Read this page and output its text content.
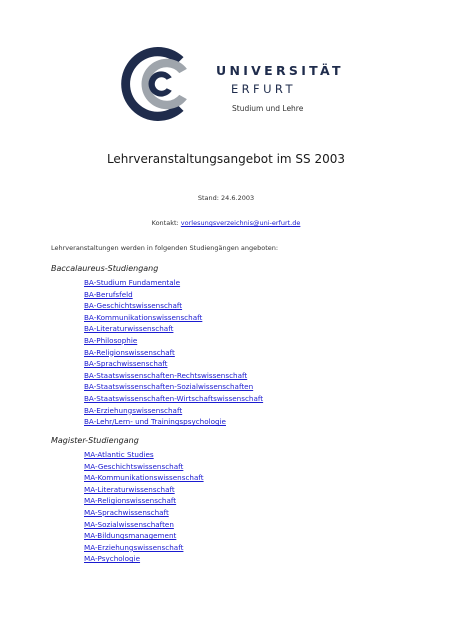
UNIVERSITÄT
ERFURT
Studium und Lehre
Lehrveranstaltungsangebot im SS 2003
Stand: 24.6.2003
Kontakt: vorlesungsverzeichnis@uni-erfurt.de
Lehrveranstaltungen werden in folgenden Studiengängen angeboten:
Baccalaureus-Studiengang
BA-Studium Fundamentale
BA-Berufsfeld
BA-Geschichtswissenschaft
BA-Kommunikationswissenschaft
BA-Literaturwissenschaft
BA-Philosophie
BA-Religionswissenschaft
BA-Sprachwissenschaft
BA-Staatswissenschaften-Rechtswissenschaft
BA-Staatswissenschaften-Sozialwissenschaften
BA-Staatswissenschaften-Wirtschaftswissenschaft
BA-Erziehungswissenschaft
BA-Lehr/Lern- und Trainingspsychologie
Magister-Studiengang
MA-Atlantic Studies
MA-Geschichtswissenschaft
MA-Kommunikationswissenschaft
MA-Literaturwissenschaft
MA-Religionswissenschaft
MA-Sprachwissenschaft
MA-Sozialwissenschaften
MA-Bildungsmanagement
MA-Erziehungswissenschaft
MA-Psychologie
